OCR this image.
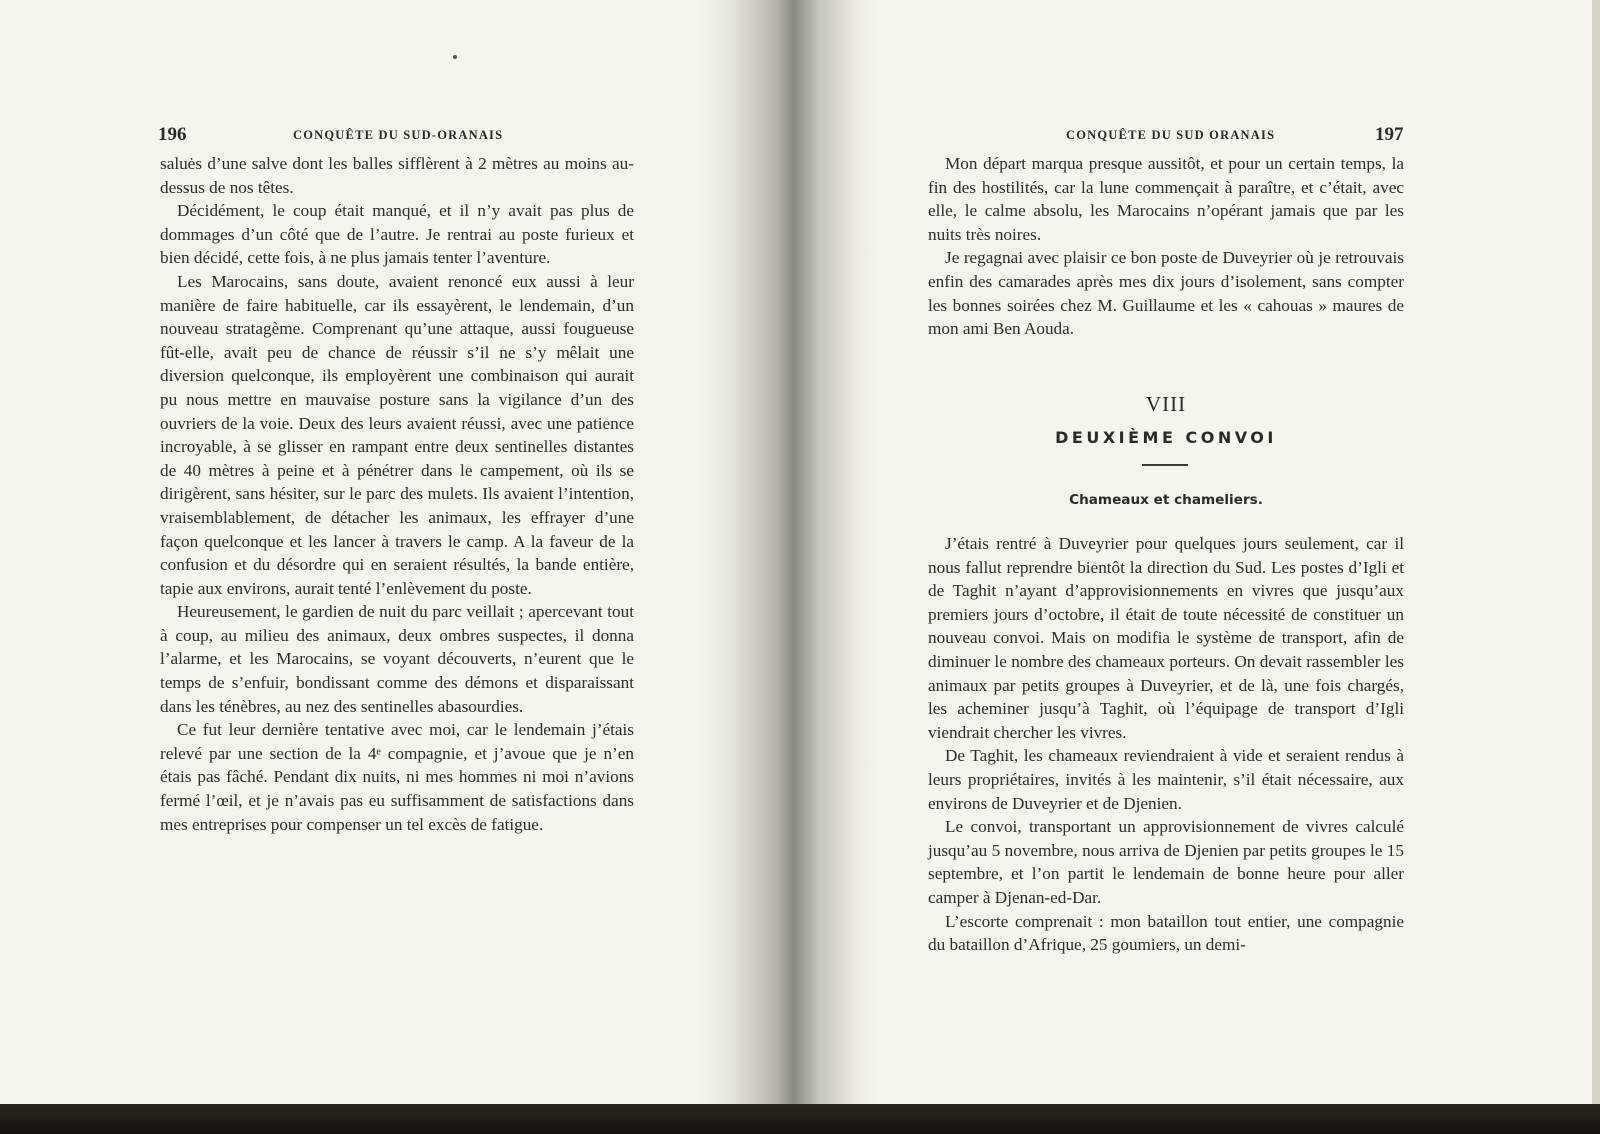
196	CONQUÊTE DU SUD-ORANAIS

saluės d’une salve dont les balles sifflèrent à 2 mètres au moins au-dessus de nos têtes.

Décidément, le coup était manqué, et il n’y avait pas plus de dommages d’un côté que de l’autre. Je rentrai au poste furieux et bien décidé, cette fois, à ne plus jamais tenter l’aventure.

Les Marocains, sans doute, avaient renoncé eux aussi à leur manière de faire habituelle, car ils essayèrent, le lendemain, d’un nouveau stratagème. Comprenant qu’une attaque, aussi fougueuse fût-elle, avait peu de chance de réussir s’il ne s’y mêlait une diversion quelconque, ils employèrent une combinaison qui aurait pu nous mettre en mauvaise posture sans la vigilance d’un des ouvriers de la voie. Deux des leurs avaient réussi, avec une patience incroyable, à se glisser en rampant entre deux sentinelles distantes de 40 mètres à peine et à pénétrer dans le campement, où ils se dirigèrent, sans hésiter, sur le parc des mulets. Ils avaient l’intention, vraisemblablement, de détacher les animaux, les effrayer d’une façon quelconque et les lancer à travers le camp. A la faveur de la confusion et du désordre qui en seraient résultés, la bande entière, tapie aux environs, aurait tenté l’enlèvement du poste.

Heureusement, le gardien de nuit du parc veillait ; apercevant tout à coup, au milieu des animaux, deux ombres suspectes, il donna l’alarme, et les Marocains, se voyant découverts, n’eurent que le temps de s’enfuir, bondissant comme des démons et disparaissant dans les ténèbres, au nez des sentinelles abasourdies.

Ce fut leur dernière tentative avec moi, car le lendemain j’étais relevé par une section de la 4ᵉ compagnie, et j’avoue que je n’en étais pas fâché. Pendant dix nuits, ni mes hommes ni moi n’avions fermé l’œil, et je n’avais pas eu suffisamment de satisfactions dans mes entreprises pour compenser un tel excès de fatigue.

CONQUÊTE DU SUD ORANAIS	197

Mon départ marqua presque aussitôt, et pour un certain temps, la fin des hostilités, car la lune commençait à paraître, et c’était, avec elle, le calme absolu, les Marocains n’opérant jamais que par les nuits très noires.

Je regagnai avec plaisir ce bon poste de Duveyrier où je retrouvais enfin des camarades après mes dix jours d’isolement, sans compter les bonnes soirées chez M. Guillaume et les « cahouas » maures de mon ami Ben Aouda.

VIII
DEUXIÈME CONVOI
Chameaux et chameliers.

J’étais rentré à Duveyrier pour quelques jours seulement, car il nous fallut reprendre bientôt la direction du Sud. Les postes d’Igli et de Taghit n’ayant d’approvisionnements en vivres que jusqu’aux premiers jours d’octobre, il était de toute nécessité de constituer un nouveau convoi. Mais on modifia le système de transport, afin de diminuer le nombre des chameaux porteurs. On devait rassembler les animaux par petits groupes à Duveyrier, et de là, une fois chargés, les acheminer jusqu’à Taghit, où l’équipage de transport d’Igli viendrait chercher les vivres.

De Taghit, les chameaux reviendraient à vide et seraient rendus à leurs propriétaires, invités à les maintenir, s’il était nécessaire, aux environs de Duveyrier et de Djenien.

Le convoi, transportant un approvisionnement de vivres calculé jusqu’au 5 novembre, nous arriva de Djenien par petits groupes le 15 septembre, et l’on partit le lendemain de bonne heure pour aller camper à Djenan-ed-Dar.

L’escorte comprenait : mon bataillon tout entier, une compagnie du bataillon d’Afrique, 25 goumiers, un demi-
